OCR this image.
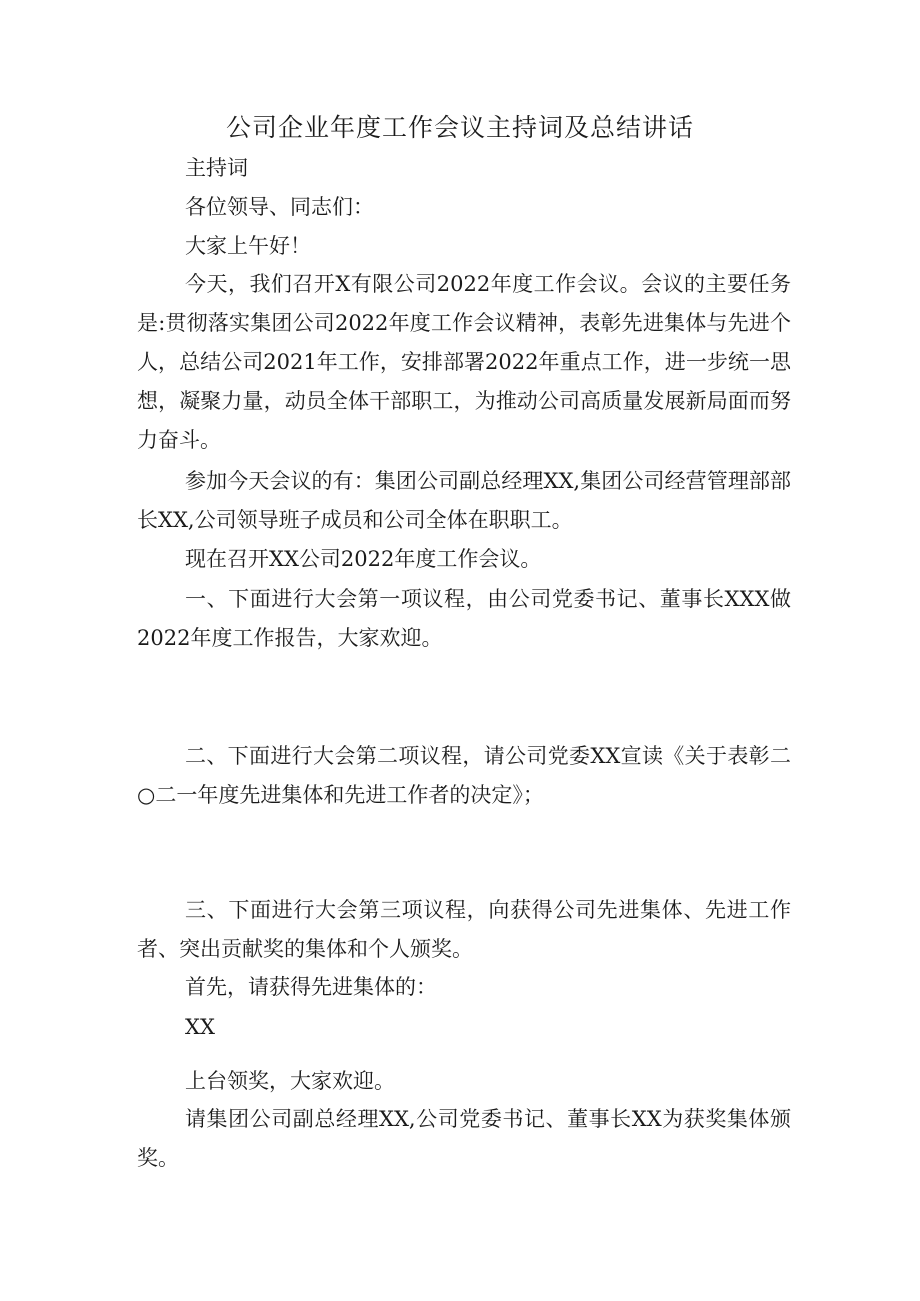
公司企业年度工作会议主持词及总结讲话

主持词

各位领导、同志们：

大家上午好！

今天，我们召开X有限公司2022年度工作会议。会议的主要任务是:贯彻落实集团公司2022年度工作会议精神，表彰先进集体与先进个人，总结公司2021年工作，安排部署2022年重点工作，进一步统一思想，凝聚力量，动员全体干部职工，为推动公司高质量发展新局面而努力奋斗。

参加今天会议的有：集团公司副总经理XX,集团公司经营管理部部长XX,公司领导班子成员和公司全体在职职工。

现在召开XX公司2022年度工作会议。

一、下面进行大会第一项议程，由公司党委书记、董事长XXX做2022年度工作报告，大家欢迎。

二、下面进行大会第二项议程，请公司党委XX宣读《关于表彰二○二一年度先进集体和先进工作者的决定》；

三、下面进行大会第三项议程，向获得公司先进集体、先进工作者、突出贡献奖的集体和个人颁奖。

首先，请获得先进集体的：

XX

上台领奖，大家欢迎。

请集团公司副总经理XX,公司党委书记、董事长XX为获奖集体颁奖。
